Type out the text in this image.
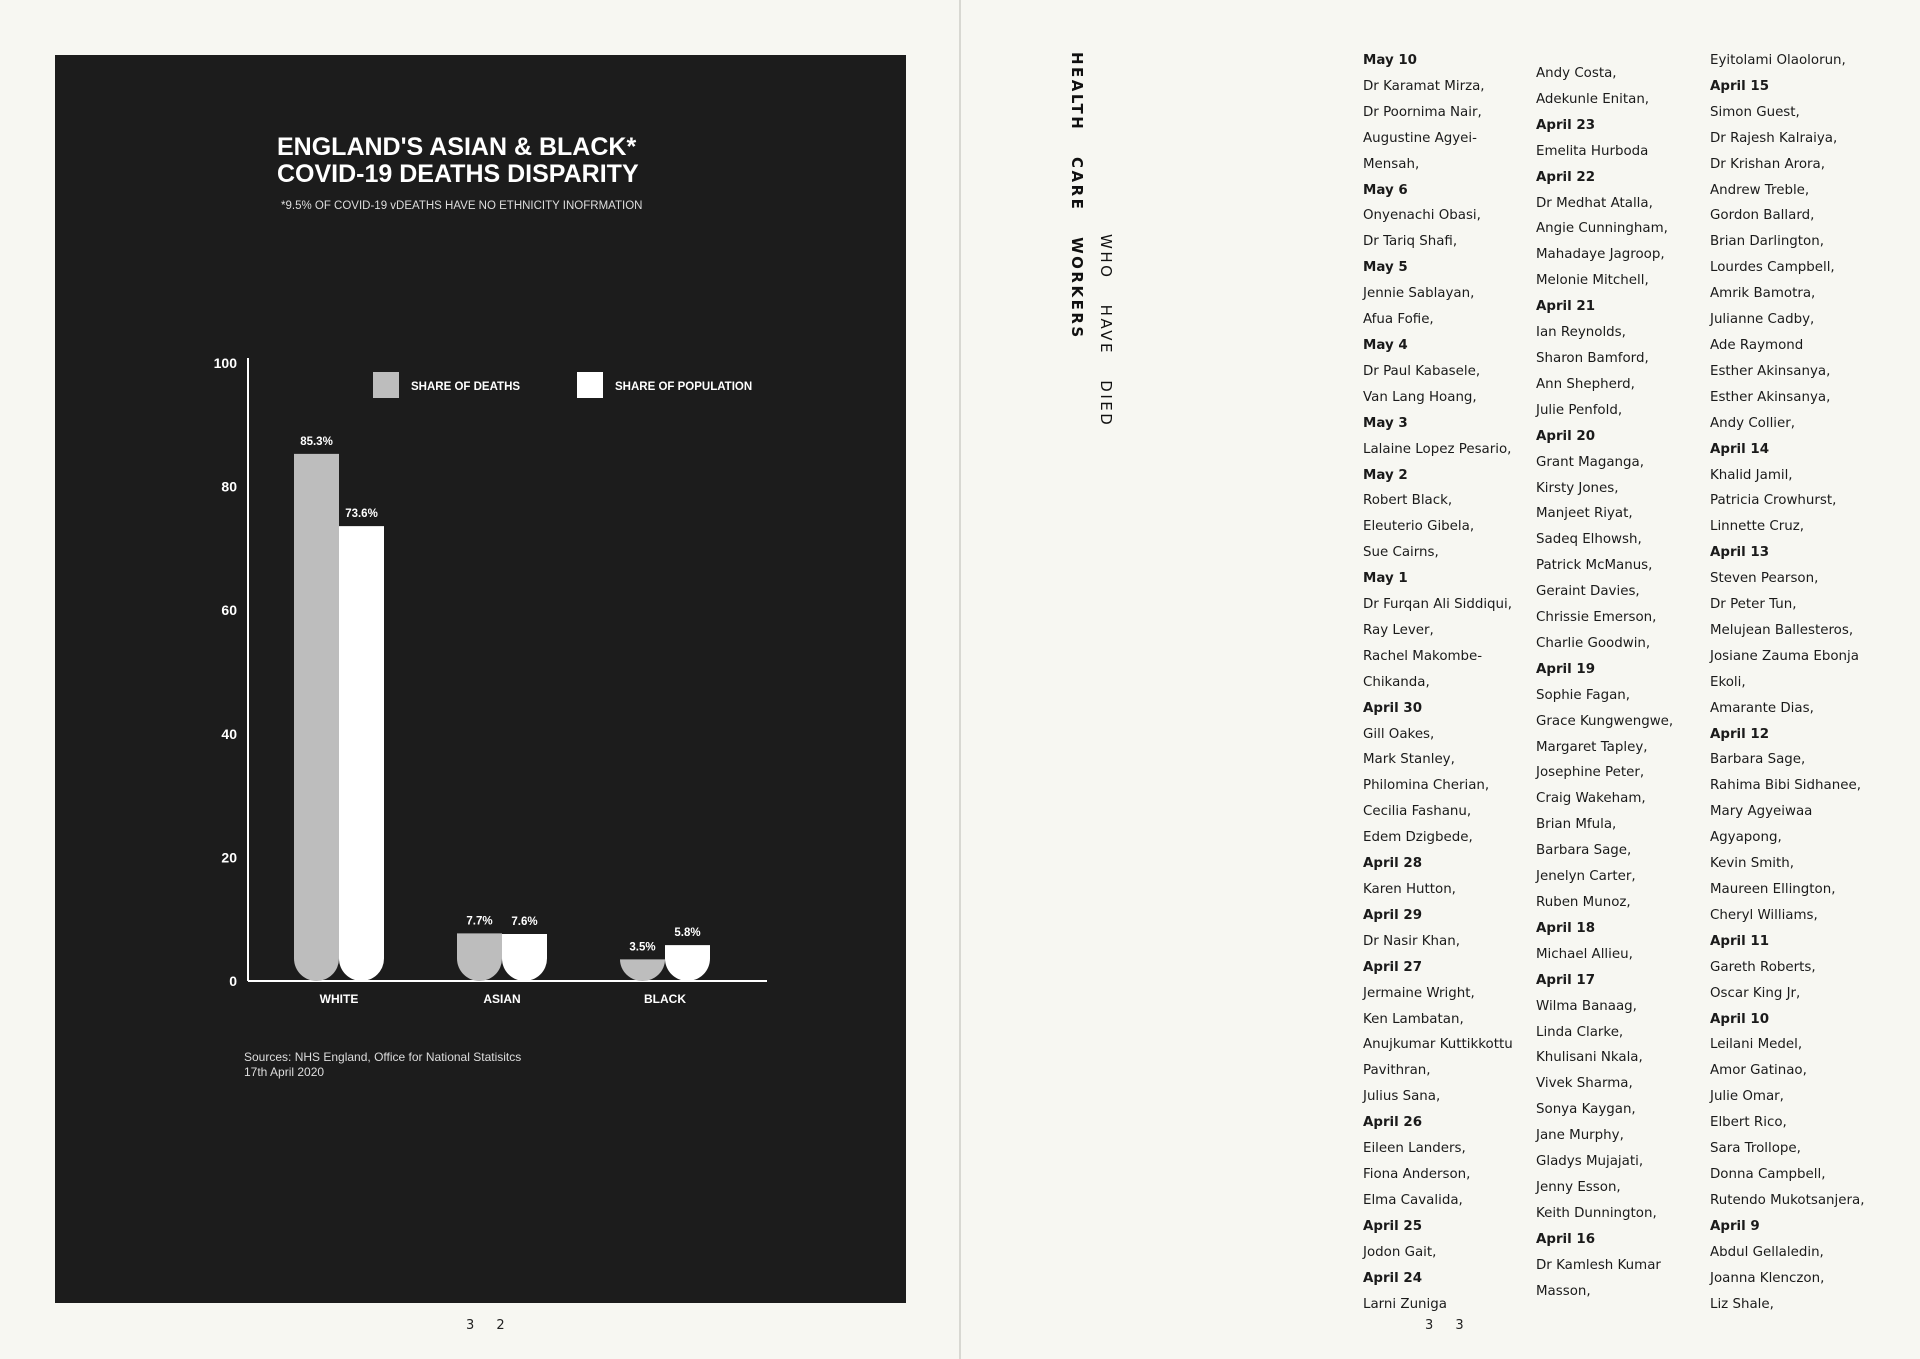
ENGLAND'S ASIAN & BLACK*
COVID-19 DEATHS DISPARITY
*9.5% OF COVID-19 vDEATHS HAVE NO ETHNICITY INOFRMATION
0
20
40
60
80
100
SHARE OF DEATHS	SHARE OF POPULATION
85.3%
73.6%
WHITE
7.7% 7.6%
ASIAN
3.5%
5.8%
BLACK
Sources: NHS England, Office for National Statisitcs
17th April 2020
3 2
HEALTH CARE WORKERS WHO HAVE DIED
May 10
Dr Karamat Mirza,
Dr Poornima Nair,
Augustine Agyei-
Mensah,
May 6
Onyenachi Obasi,
Dr Tariq Shafi,
May 5
Jennie Sablayan,
Afua Fofie,
May 4
Dr Paul Kabasele,
Van Lang Hoang,
May 3
Lalaine Lopez Pesario,
May 2
Robert Black,
Eleuterio Gibela,
Sue Cairns,
May 1
Dr Furqan Ali Siddiqui,
Ray Lever,
Rachel Makombe-
Chikanda,
April 30
Gill Oakes,
Mark Stanley,
Philomina Cherian,
Cecilia Fashanu,
Edem Dzigbede,
April 28
Karen Hutton,
April 29
Dr Nasir Khan,
April 27
Jermaine Wright,
Ken Lambatan,
Anujkumar Kuttikkottu
Pavithran,
Julius Sana,
April 26
Eileen Landers,
Fiona Anderson,
Elma Cavalida,
April 25
Jodon Gait,
April 24
Larni Zuniga
Andy Costa,
Adekunle Enitan,
April 23
Emelita Hurboda
April 22
Dr Medhat Atalla,
Angie Cunningham,
Mahadaye Jagroop,
Melonie Mitchell,
April 21
Ian Reynolds,
Sharon Bamford,
Ann Shepherd,
Julie Penfold,
April 20
Grant Maganga,
Kirsty Jones,
Manjeet Riyat,
Sadeq Elhowsh,
Patrick McManus,
Geraint Davies,
Chrissie Emerson,
Charlie Goodwin,
April 19
Sophie Fagan,
Grace Kungwengwe,
Margaret Tapley,
Josephine Peter,
Craig Wakeham,
Brian Mfula,
Barbara Sage,
Jenelyn Carter,
Ruben Munoz,
April 18
Michael Allieu,
April 17
Wilma Banaag,
Linda Clarke,
Khulisani Nkala,
Vivek Sharma,
Sonya Kaygan,
Jane Murphy,
Gladys Mujajati,
Jenny Esson,
Keith Dunnington,
April 16
Dr Kamlesh Kumar
Masson,
Eyitolami Olaolorun,
April 15
Simon Guest,
Dr Rajesh Kalraiya,
Dr Krishan Arora,
Andrew Treble,
Gordon Ballard,
Brian Darlington,
Lourdes Campbell,
Amrik Bamotra,
Julianne Cadby,
Ade Raymond
Esther Akinsanya,
Esther Akinsanya,
Andy Collier,
April 14
Khalid Jamil,
Patricia Crowhurst,
Linnette Cruz,
April 13
Steven Pearson,
Dr Peter Tun,
Melujean Ballesteros,
Josiane Zauma Ebonja
Ekoli,
Amarante Dias,
April 12
Barbara Sage,
Rahima Bibi Sidhanee,
Mary Agyeiwaa
Agyapong,
Kevin Smith,
Maureen Ellington,
Cheryl Williams,
April 11
Gareth Roberts,
Oscar King Jr,
April 10
Leilani Medel,
Amor Gatinao,
Julie Omar,
Elbert Rico,
Sara Trollope,
Donna Campbell,
Rutendo Mukotsanjera,
April 9
Abdul Gellaledin,
Joanna Klenczon,
Liz Shale,
3 3
